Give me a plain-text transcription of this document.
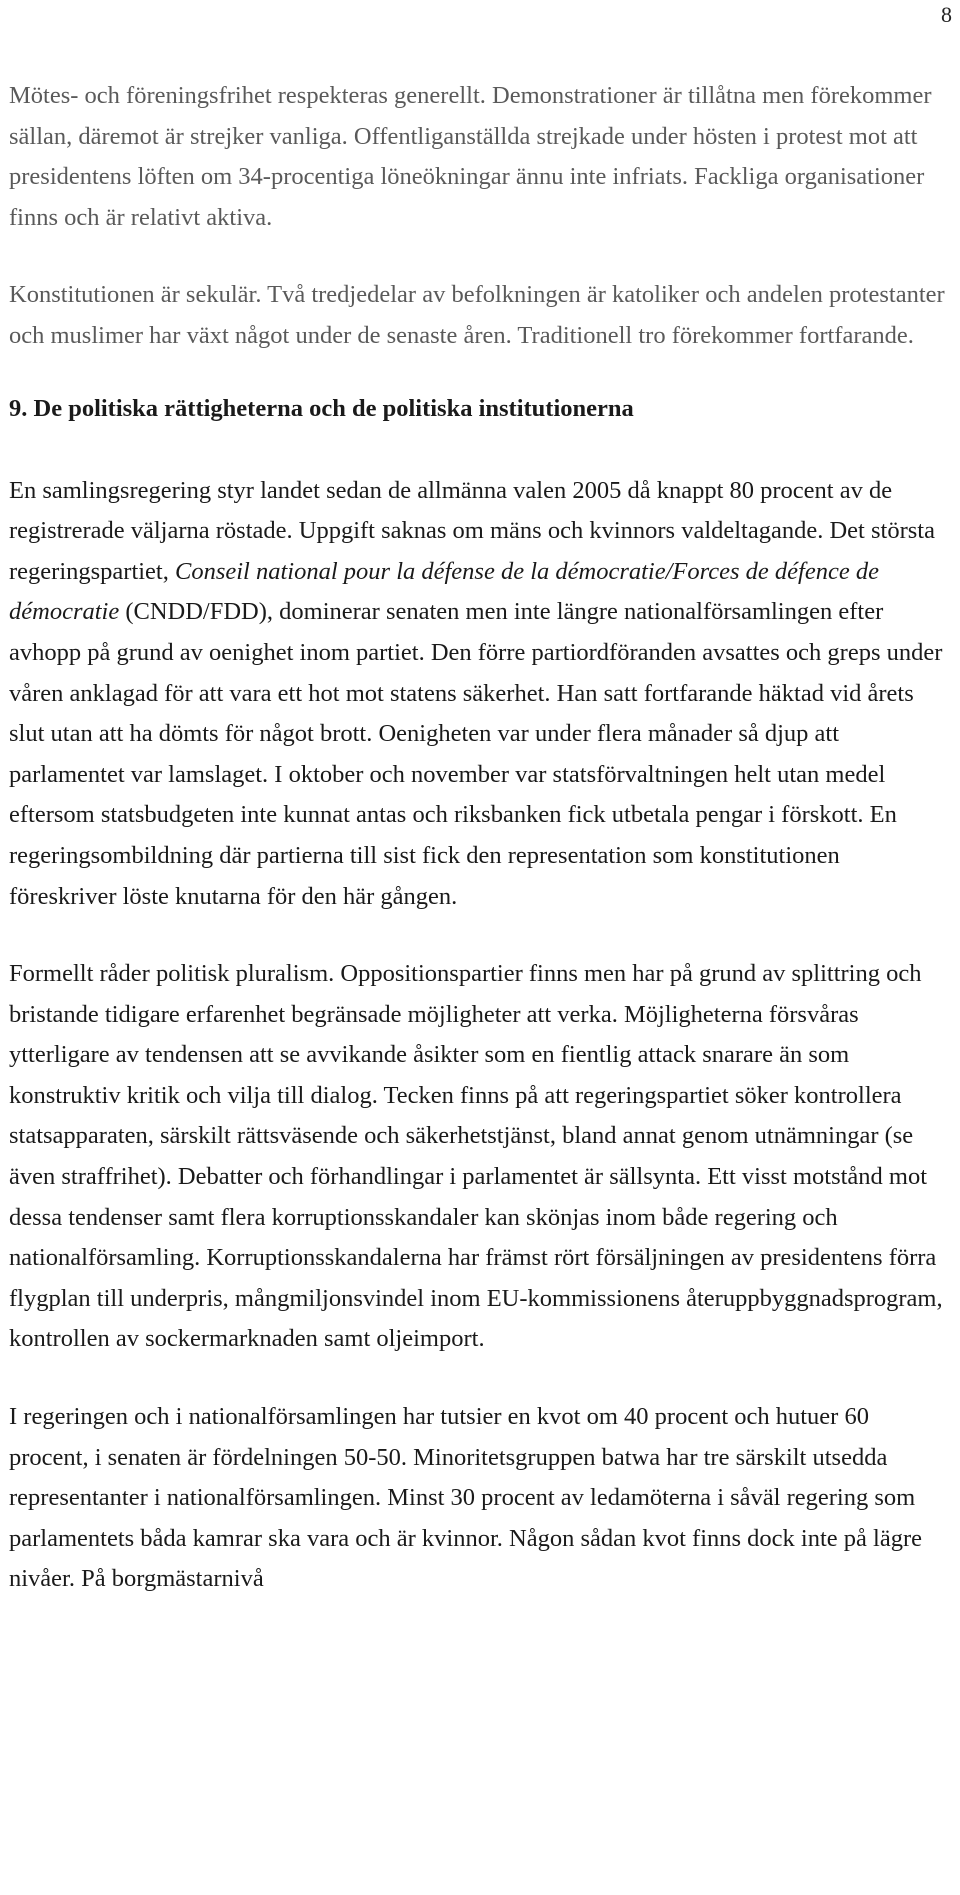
8

Mötes- och föreningsfrihet respekteras generellt. Demonstrationer är tillåtna men förekommer sällan, däremot är strejker vanliga. Offentliganställda strejkade under hösten i protest mot att presidentens löften om 34-procentiga löneökningar ännu inte infriats. Fackliga organisationer finns och är relativt aktiva.

Konstitutionen är sekulär. Två tredjedelar av befolkningen är katoliker och andelen protestanter och muslimer har växt något under de senaste åren. Traditionell tro förekommer fortfarande.

9. De politiska rättigheterna och de politiska institutionerna

En samlingsregering styr landet sedan de allmänna valen 2005 då knappt 80 procent av de registrerade väljarna röstade. Uppgift saknas om mäns och kvinnors valdeltagande. Det största regeringspartiet, Conseil national pour la défense de la démocratie/Forces de défence de démocratie (CNDD/FDD), dominerar senaten men inte längre nationalförsamlingen efter avhopp på grund av oenighet inom partiet. Den förre partiordföranden avsattes och greps under våren anklagad för att vara ett hot mot statens säkerhet. Han satt fortfarande häktad vid årets slut utan att ha dömts för något brott. Oenigheten var under flera månader så djup att parlamentet var lamslaget. I oktober och november var statsförvaltningen helt utan medel eftersom statsbudgeten inte kunnat antas och riksbanken fick utbetala pengar i förskott. En regeringsombildning där partierna till sist fick den representation som konstitutionen föreskriver löste knutarna för den här gången.

Formellt råder politisk pluralism. Oppositionspartier finns men har på grund av splittring och bristande tidigare erfarenhet begränsade möjligheter att verka. Möjligheterna försvåras ytterligare av tendensen att se avvikande åsikter som en fientlig attack snarare än som konstruktiv kritik och vilja till dialog. Tecken finns på att regeringspartiet söker kontrollera statsapparaten, särskilt rättsväsende och säkerhetstjänst, bland annat genom utnämningar (se även straffrihet). Debatter och förhandlingar i parlamentet är sällsynta. Ett visst motstånd mot dessa tendenser samt flera korruptionsskandaler kan skönjas inom både regering och nationalförsamling. Korruptionsskandalerna har främst rört försäljningen av presidentens förra flygplan till underpris, mångmiljonsvindel inom EU-kommissionens återuppbyggnadsprogram, kontrollen av sockermarknaden samt oljeimport.

I regeringen och i nationalförsamlingen har tutsier en kvot om 40 procent och hutuer 60 procent, i senaten är fördelningen 50-50. Minoritetsgruppen batwa har tre särskilt utsedda representanter i nationalförsamlingen. Minst 30 procent av ledamöterna i såväl regering som parlamentets båda kamrar ska vara och är kvinnor. Någon sådan kvot finns dock inte på lägre nivåer. På borgmästarnivå
